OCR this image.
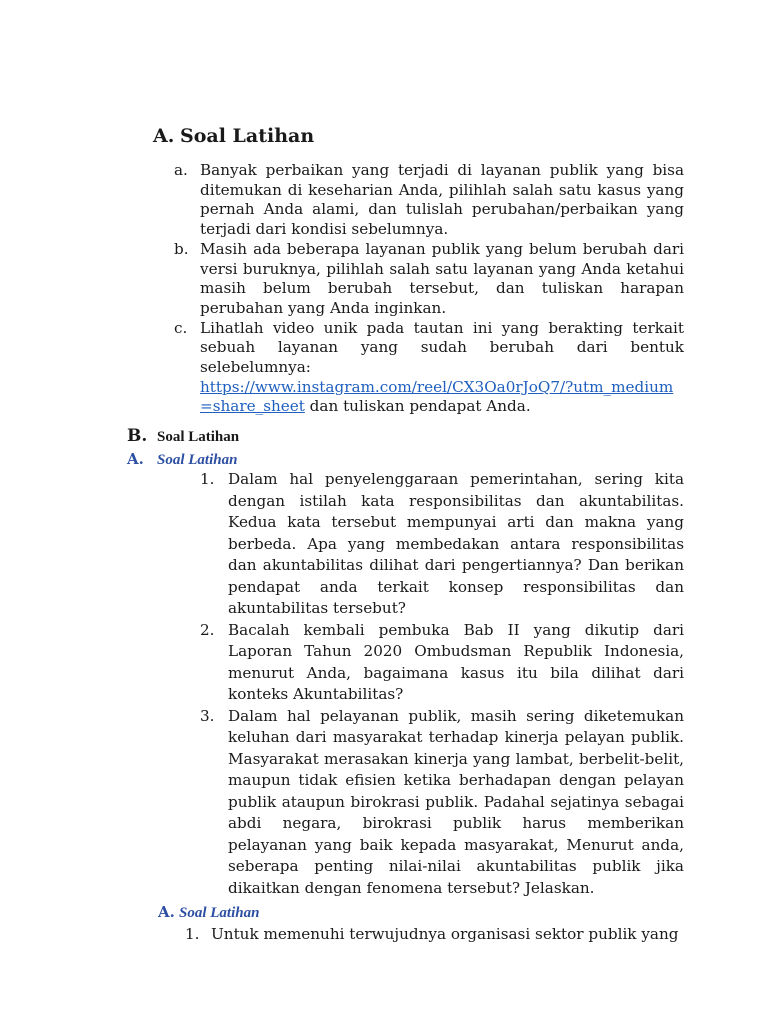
A. Soal Latihan
a. Banyak perbaikan yang terjadi di layanan publik yang bisa ditemukan di keseharian Anda, pilihlah salah satu kasus yang pernah Anda alami, dan tulislah perubahan/perbaikan yang terjadi dari kondisi sebelumnya.
b. Masih ada beberapa layanan publik yang belum berubah dari versi buruknya, pilihlah salah satu layanan yang Anda ketahui masih belum berubah tersebut, dan tuliskan harapan perubahan yang Anda inginkan.
c. Lihatlah video unik pada tautan ini yang berakting terkait sebuah layanan yang sudah berubah dari bentuk selebelumnya:
https://www.instagram.com/reel/CX3Oa0rJoQ7/?utm_medium=share_sheet dan tuliskan pendapat Anda.
B. Soal Latihan
A. Soal Latihan
1. Dalam hal penyelenggaraan pemerintahan, sering kita dengan istilah kata responsibilitas dan akuntabilitas. Kedua kata tersebut mempunyai arti dan makna yang berbeda. Apa yang membedakan antara responsibilitas dan akuntabilitas dilihat dari pengertiannya? Dan berikan pendapat anda terkait konsep responsibilitas dan akuntabilitas tersebut?
2. Bacalah kembali pembuka Bab II yang dikutip dari Laporan Tahun 2020 Ombudsman Republik Indonesia, menurut Anda, bagaimana kasus itu bila dilihat dari konteks Akuntabilitas?
3. Dalam hal pelayanan publik, masih sering diketemukan keluhan dari masyarakat terhadap kinerja pelayan publik. Masyarakat merasakan kinerja yang lambat, berbelit-belit, maupun tidak efisien ketika berhadapan dengan pelayan publik ataupun birokrasi publik. Padahal sejatinya sebagai abdi negara, birokrasi publik harus memberikan pelayanan yang baik kepada masyarakat, Menurut anda, seberapa penting nilai-nilai akuntabilitas publik jika dikaitkan dengan fenomena tersebut? Jelaskan.
A. Soal Latihan
1. Untuk memenuhi terwujudnya organisasi sektor publik yang
